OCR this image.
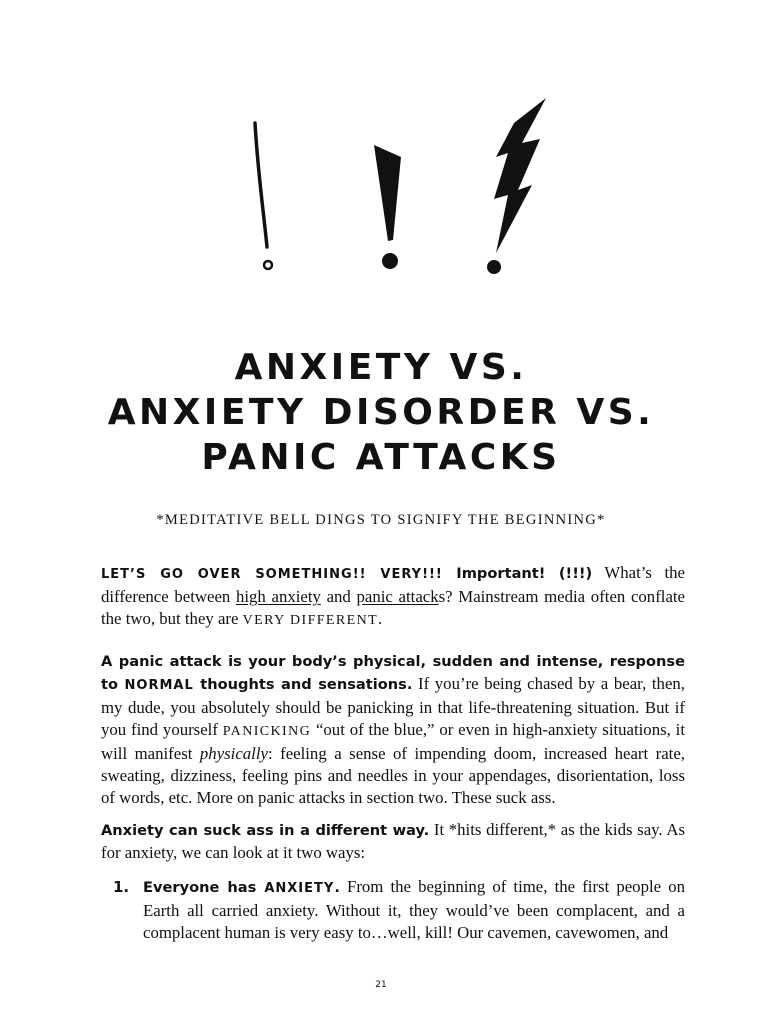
ANXIETY VS.
ANXIETY DISORDER VS.
PANIC ATTACKS
*MEDITATIVE BELL DINGS TO SIGNIFY THE BEGINNING*
LET’S GO OVER SOMETHING!! VERY!!! Important! (!!!) What’s the difference between high anxiety and panic attacks? Mainstream media often conflate the two, but they are VERY DIFFERENT.
A panic attack is your body’s physical, sudden and intense, response to NORMAL thoughts and sensations. If you’re being chased by a bear, then, my dude, you absolutely should be panicking in that life-threatening situation. But if you find yourself PANICKING “out of the blue,” or even in high-anxiety situations, it will manifest physically: feeling a sense of impending doom, increased heart rate, sweating, dizziness, feeling pins and needles in your appendages, disorientation, loss of words, etc. More on panic attacks in section two. These suck ass.
Anxiety can suck ass in a different way. It *hits different,* as the kids say. As for anxiety, we can look at it two ways:
1. Everyone has ANXIETY. From the beginning of time, the first people on Earth all carried anxiety. Without it, they would’ve been complacent, and a complacent human is very easy to…well, kill! Our cavemen, cavewomen, and
21
